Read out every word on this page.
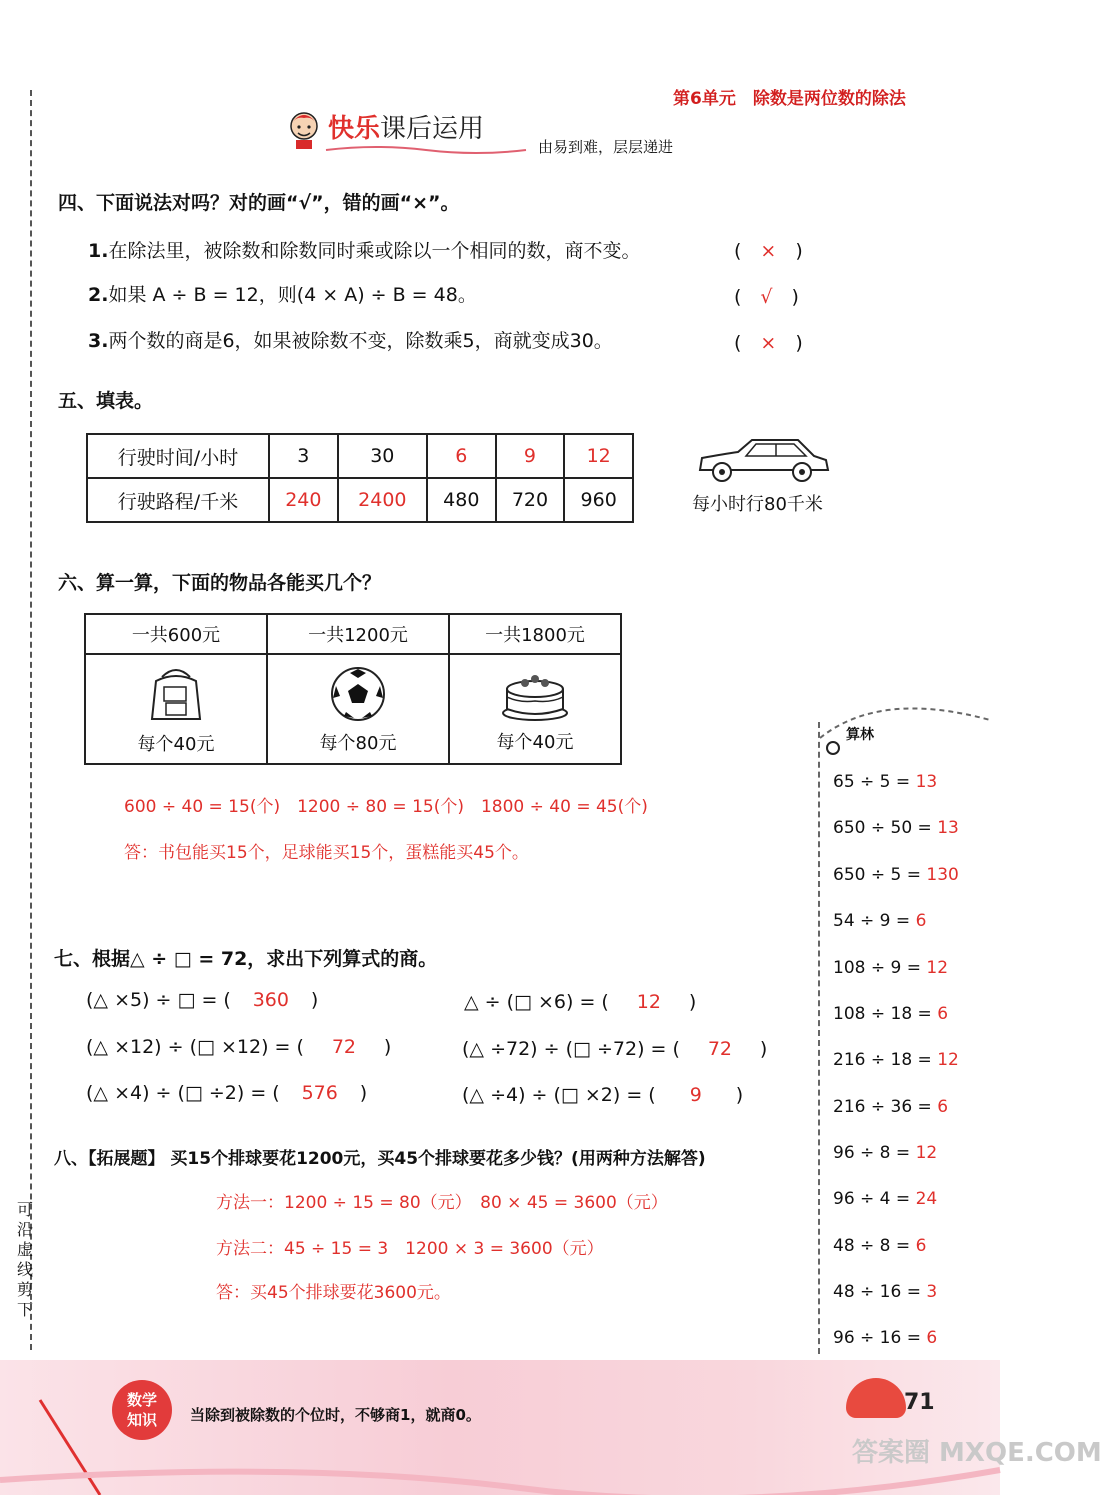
可沿虚线剪下
第6单元　除数是两位数的除法
快乐课后运用
由易到难，层层递进
四、下面说法对吗？对的画“√”，错的画“×”。
1.在除法里，被除数和除数同时乘或除以一个相同的数，商不变。	(　×　)
2.如果 A ÷ B = 12，则(4 × A) ÷ B = 48。	(　√　)
3.两个数的商是6，如果被除数不变，除数乘5，商就变成30。	(　×　)
五、填表。
行驶时间/小时	3	30	6	9	12
行驶路程/千米	240	2400	480	720	960	每小时行80千米
六、算一算，下面的物品各能买几个？
一共600元	一共1200元	一共1800元

每个40元	每个80元	每个40元
600 ÷ 40 = 15(个)　1200 ÷ 80 = 15(个)　1800 ÷ 40 = 45(个)
答：书包能买15个，足球能买15个，蛋糕能买45个。
七、根据△ ÷ □ = 72，求出下列算式的商。
(△ ×5) ÷ □ = ( 360 )	△ ÷ (□ ×6) = ( 12 )
(△ ×12) ÷ (□ ×12) = ( 72 )	(△ ÷72) ÷ (□ ÷72) = ( 72 )
(△ ×4) ÷ (□ ÷2) = ( 576 )	(△ ÷4) ÷ (□ ×2) = ( 9 )
八、【拓展题】 买15个排球要花1200元，买45个排球要花多少钱？(用两种方法解答)
方法一：1200 ÷ 15 = 80（元）　80 × 45 = 3600（元）
方法二：45 ÷ 15 = 3　1200 × 3 = 3600（元）
答：买45个排球要花3600元。
算林
65 ÷ 5 = 13
650 ÷ 50 = 13
650 ÷ 5 = 130
54 ÷ 9 = 6
108 ÷ 9 = 12
108 ÷ 18 = 6
216 ÷ 18 = 12
216 ÷ 36 = 6
96 ÷ 8 = 12
96 ÷ 4 = 24
48 ÷ 8 = 6
48 ÷ 16 = 3
96 ÷ 16 = 6
数学
知识	当除到被除数的个位时，不够商1，就商0。	71
答案圈 MXQE.COM
